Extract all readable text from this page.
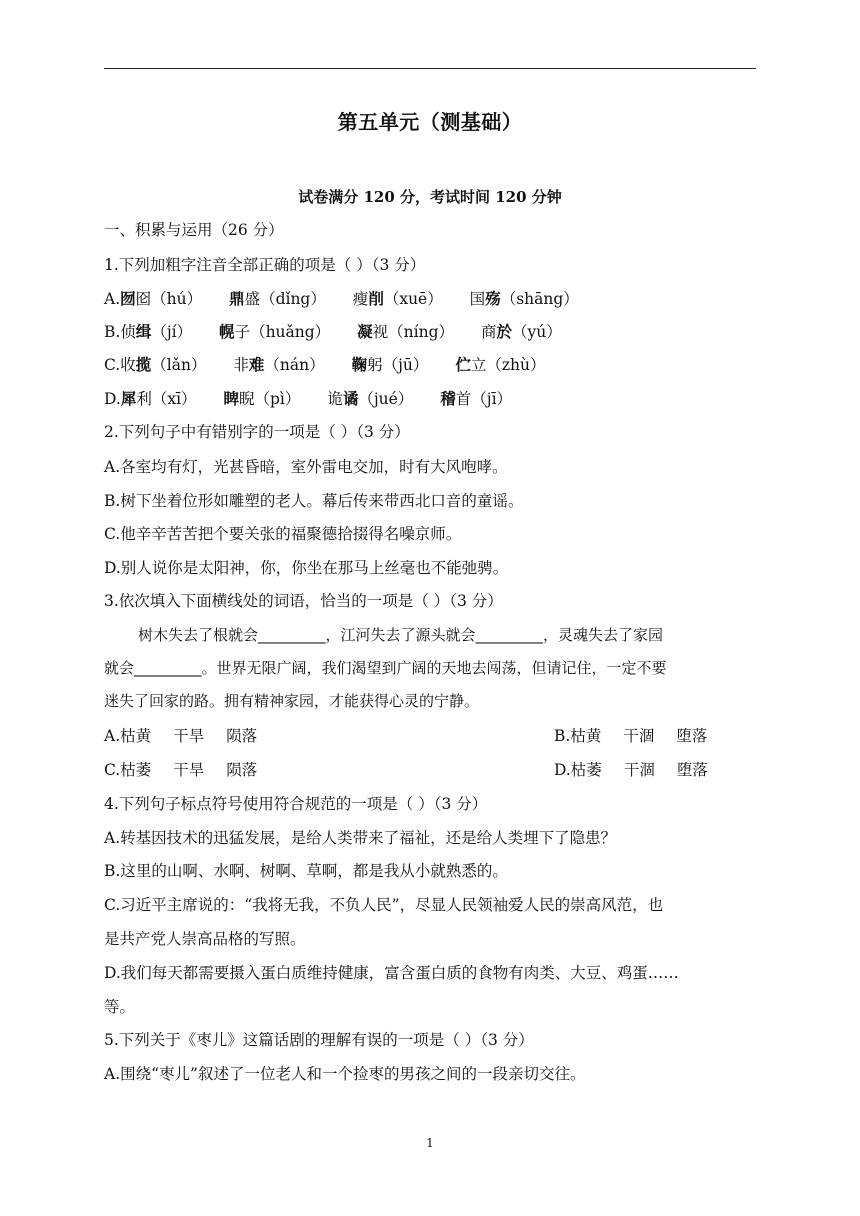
第五单元（测基础）
试卷满分 120 分，考试时间 120 分钟
一、积累与运用（26 分）
1.下列加粗字注音全部正确的项是（ ）（3 分）
A.囫囵（hú） 鼎盛（dǐng） 瘦削（xuē） 国殇（shāng）
B.侦缉（jí） 幌子（huǎng） 凝视（níng） 商於（yú）
C.收揽（lǎn） 非难（nán） 鞠躬（jū） 伫立（zhù）
D.犀利（xī） 睥睨（pì） 诡谲（jué） 稽首（jī）
2.下列句子中有错别字的一项是（ ）（3 分）
A.各室均有灯，光甚昏暗，室外雷电交加，时有大风咆哮。
B.树下坐着位形如雕塑的老人。幕后传来带西北口音的童谣。
C.他辛辛苦苦把个要关张的福聚德拾掇得名噪京师。
D.别人说你是太阳神，你，你坐在那马上丝毫也不能弛骋。
3.依次填入下面横线处的词语，恰当的一项是（ ）（3 分）
树木失去了根就会_________，江河失去了源头就会_________，灵魂失去了家园
就会_________。世界无限广阔，我们渴望到广阔的天地去闯荡，但请记住，一定不要
迷失了回家的路。拥有精神家园，才能获得心灵的宁静。
A.枯黄 干旱 陨落	B.枯黄 干涸 堕落
C.枯萎 干旱 陨落	D.枯萎 干涸 堕落
4.下列句子标点符号使用符合规范的一项是（ ）（3 分）
A.转基因技术的迅猛发展，是给人类带来了福祉，还是给人类埋下了隐患？
B.这里的山啊、水啊、树啊、草啊，都是我从小就熟悉的。
C.习近平主席说的：“我将无我，不负人民”，尽显人民领袖爱人民的崇高风范，也
是共产党人崇高品格的写照。
D.我们每天都需要摄入蛋白质维持健康，富含蛋白质的食物有肉类、大豆、鸡蛋……
等。
5.下列关于《枣儿》这篇话剧的理解有误的一项是（ ）（3 分）
A.围绕“枣儿”叙述了一位老人和一个捡枣的男孩之间的一段亲切交往。
1
